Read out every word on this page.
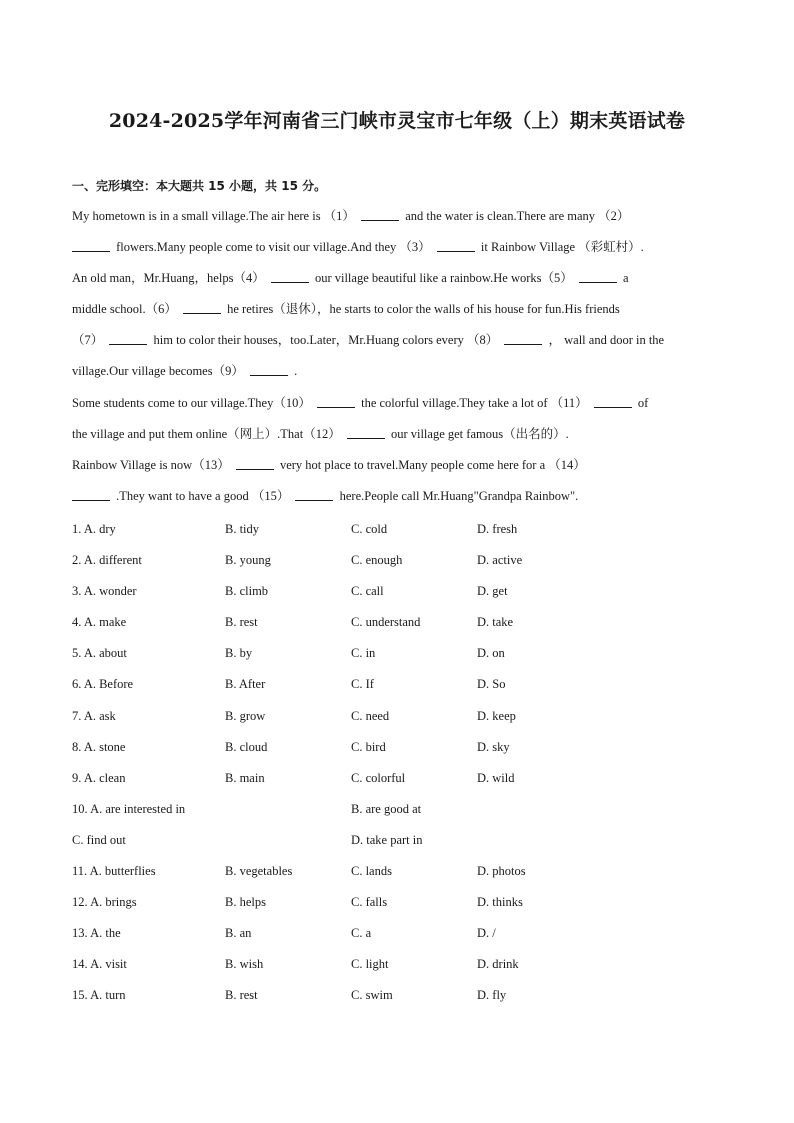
2024-2025学年河南省三门峡市灵宝市七年级（上）期末英语试卷
一、完形填空：本大题共 15 小题，共 15 分。
My hometown is in a small village.The air here is （1）	and the water is clean.There are many （2）
flowers.Many people come to visit our village.And they （3）	it Rainbow Village （彩虹村）.
An old man，Mr.Huang，helps（4）	our village beautiful like a rainbow.He works（5）	a
middle school.（6）	he retires（退休），he starts to color the walls of his house for fun.His friends
（7）	him to color their houses，too.Later，Mr.Huang colors every （8）	， wall and door in the
village.Our village becomes（9）	.
Some students come to our village.They（10）	the colorful village.They take a lot of （11）	of
the village and put them online（网上）.That（12）	our village get famous（出名的）.
Rainbow Village is now（13）	very hot place to travel.Many people come here for a （14）
.They want to have a good （15）	here.People call Mr.Huang"Grandpa Rainbow".
1. A. dry	B. tidy	C. cold	D. fresh
2. A. different	B. young	C. enough	D. active
3. A. wonder	B. climb	C. call	D. get
4. A. make	B. rest	C. understand	D. take
5. A. about	B. by	C. in	D. on
6. A. Before	B. After	C. If	D. So
7. A. ask	B. grow	C. need	D. keep
8. A. stone	B. cloud	C. bird	D. sky
9. A. clean	B. main	C. colorful	D. wild
10. A. are interested in	B. are good at
C. find out	D. take part in
11. A. butterflies	B. vegetables	C. lands	D. photos
12. A. brings	B. helps	C. falls	D. thinks
13. A. the	B. an	C. a	D. /
14. A. visit	B. wish	C. light	D. drink
15. A. turn	B. rest	C. swim	D. fly
